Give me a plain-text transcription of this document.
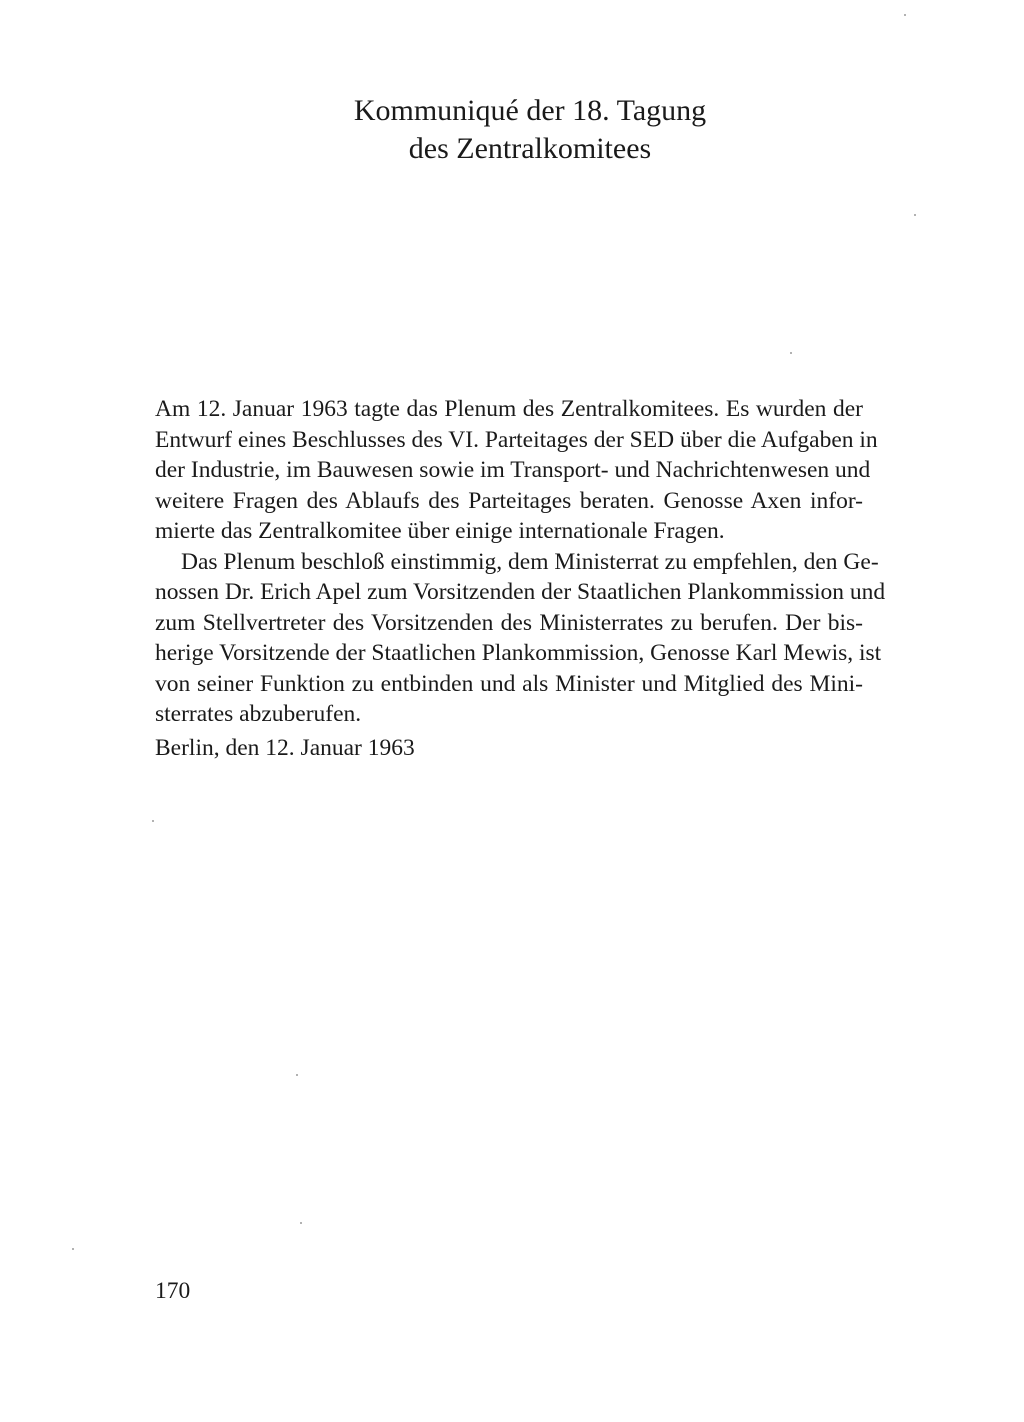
Kommuniqué der 18. Tagung
des Zentralkomitees
Am 12. Januar 1963 tagte das Plenum des Zentralkomitees. Es wurden der
Entwurf eines Beschlusses des VI. Parteitages der SED über die Aufgaben in
der Industrie, im Bauwesen sowie im Transport- und Nachrichtenwesen und
weitere Fragen des Ablaufs des Parteitages beraten. Genosse Axen infor-
mierte das Zentralkomitee über einige internationale Fragen.
Das Plenum beschloß einstimmig, dem Ministerrat zu empfehlen, den Ge-
nossen Dr. Erich Apel zum Vorsitzenden der Staatlichen Plankommission und
zum Stellvertreter des Vorsitzenden des Ministerrates zu berufen. Der bis-
herige Vorsitzende der Staatlichen Plankommission, Genosse Karl Mewis, ist
von seiner Funktion zu entbinden und als Minister und Mitglied des Mini-
sterrates abzuberufen.
Berlin, den 12. Januar 1963
170
